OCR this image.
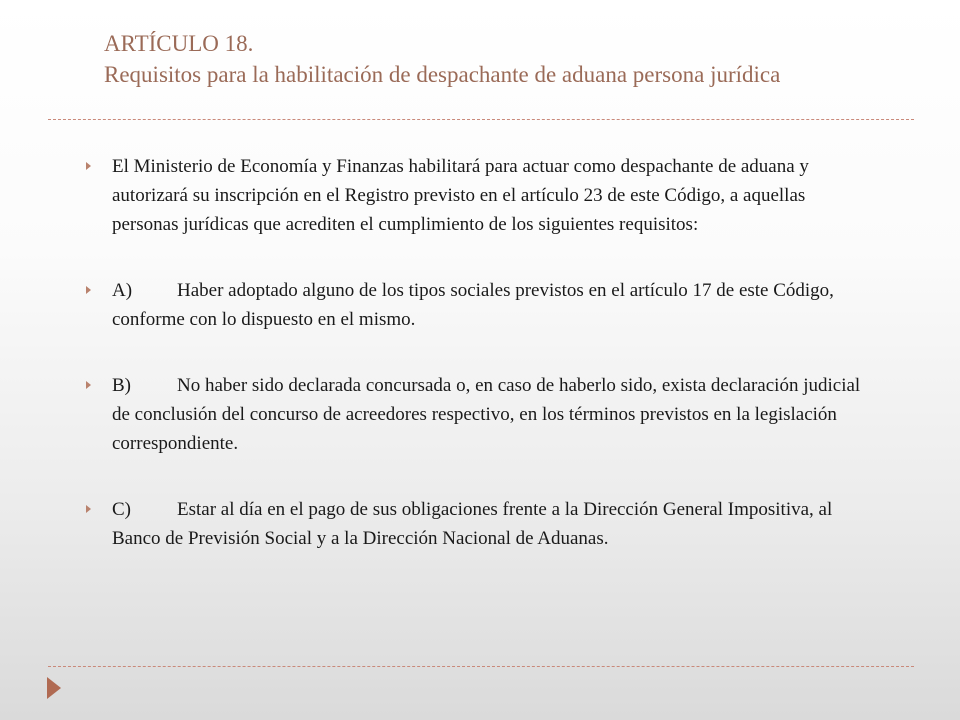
ARTÍCULO 18.
Requisitos para la habilitación de despachante de aduana persona jurídica
El Ministerio de Economía y Finanzas habilitará para actuar como despachante de aduana y autorizará su inscripción en el Registro previsto en el artículo 23 de este Código, a aquellas personas jurídicas que acrediten el cumplimiento de los siguientes requisitos:
A) Haber adoptado alguno de los tipos sociales previstos en el artículo 17 de este Código, conforme con lo dispuesto en el mismo.
B) No haber sido declarada concursada o, en caso de haberlo sido, exista declaración judicial de conclusión del concurso de acreedores respectivo, en los términos previstos en la legislación correspondiente.
C) Estar al día en el pago de sus obligaciones frente a la Dirección General Impositiva, al Banco de Previsión Social y a la Dirección Nacional de Aduanas.
